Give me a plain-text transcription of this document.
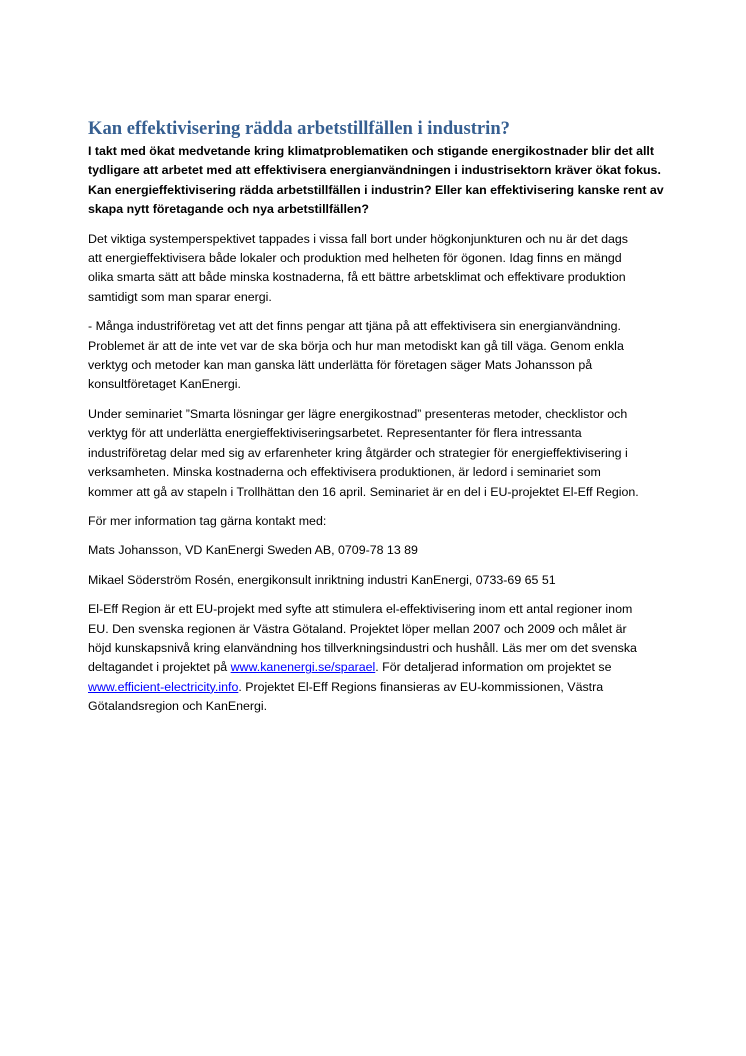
Kan effektivisering rädda arbetstillfällen i industrin?

I takt med ökat medvetande kring klimatproblematiken och stigande energikostnader blir det allt
tydligare att arbetet med att effektivisera energianvändningen i industrisektorn kräver ökat fokus.
Kan energieffektivisering rädda arbetstillfällen i industrin? Eller kan effektivisering kanske rent av
skapa nytt företagande och nya arbetstillfällen?

Det viktiga systemperspektivet tappades i vissa fall bort under högkonjunkturen och nu är det dags
att energieffektivisera både lokaler och produktion med helheten för ögonen. Idag finns en mängd
olika smarta sätt att både minska kostnaderna, få ett bättre arbetsklimat och effektivare produktion
samtidigt som man sparar energi.

- Många industriföretag vet att det finns pengar att tjäna på att effektivisera sin energianvändning.
Problemet är att de inte vet var de ska börja och hur man metodiskt kan gå till väga. Genom enkla
verktyg och metoder kan man ganska lätt underlätta för företagen säger Mats Johansson på
konsultföretaget KanEnergi.

Under seminariet ”Smarta lösningar ger lägre energikostnad” presenteras metoder, checklistor och
verktyg för att underlätta energieffektiviseringsarbetet. Representanter för flera intressanta
industriföretag delar med sig av erfarenheter kring åtgärder och strategier för energieffektivisering i
verksamheten. Minska kostnaderna och effektivisera produktionen, är ledord i seminariet som
kommer att gå av stapeln i Trollhättan den 16 april. Seminariet är en del i EU-projektet El-Eff Region.

För mer information tag gärna kontakt med:

Mats Johansson, VD KanEnergi Sweden AB, 0709-78 13 89

Mikael Söderström Rosén, energikonsult inriktning industri KanEnergi, 0733-69 65 51

El-Eff Region är ett EU-projekt med syfte att stimulera el-effektivisering inom ett antal regioner inom
EU. Den svenska regionen är Västra Götaland. Projektet löper mellan 2007 och 2009 och målet är
höjd kunskapsnivå kring elanvändning hos tillverkningsindustri och hushåll. Läs mer om det svenska
deltagandet i projektet på www.kanenergi.se/sparael. För detaljerad information om projektet se
www.efficient-electricity.info. Projektet El-Eff Regions finansieras av EU-kommissionen, Västra
Götalandsregion och KanEnergi.
